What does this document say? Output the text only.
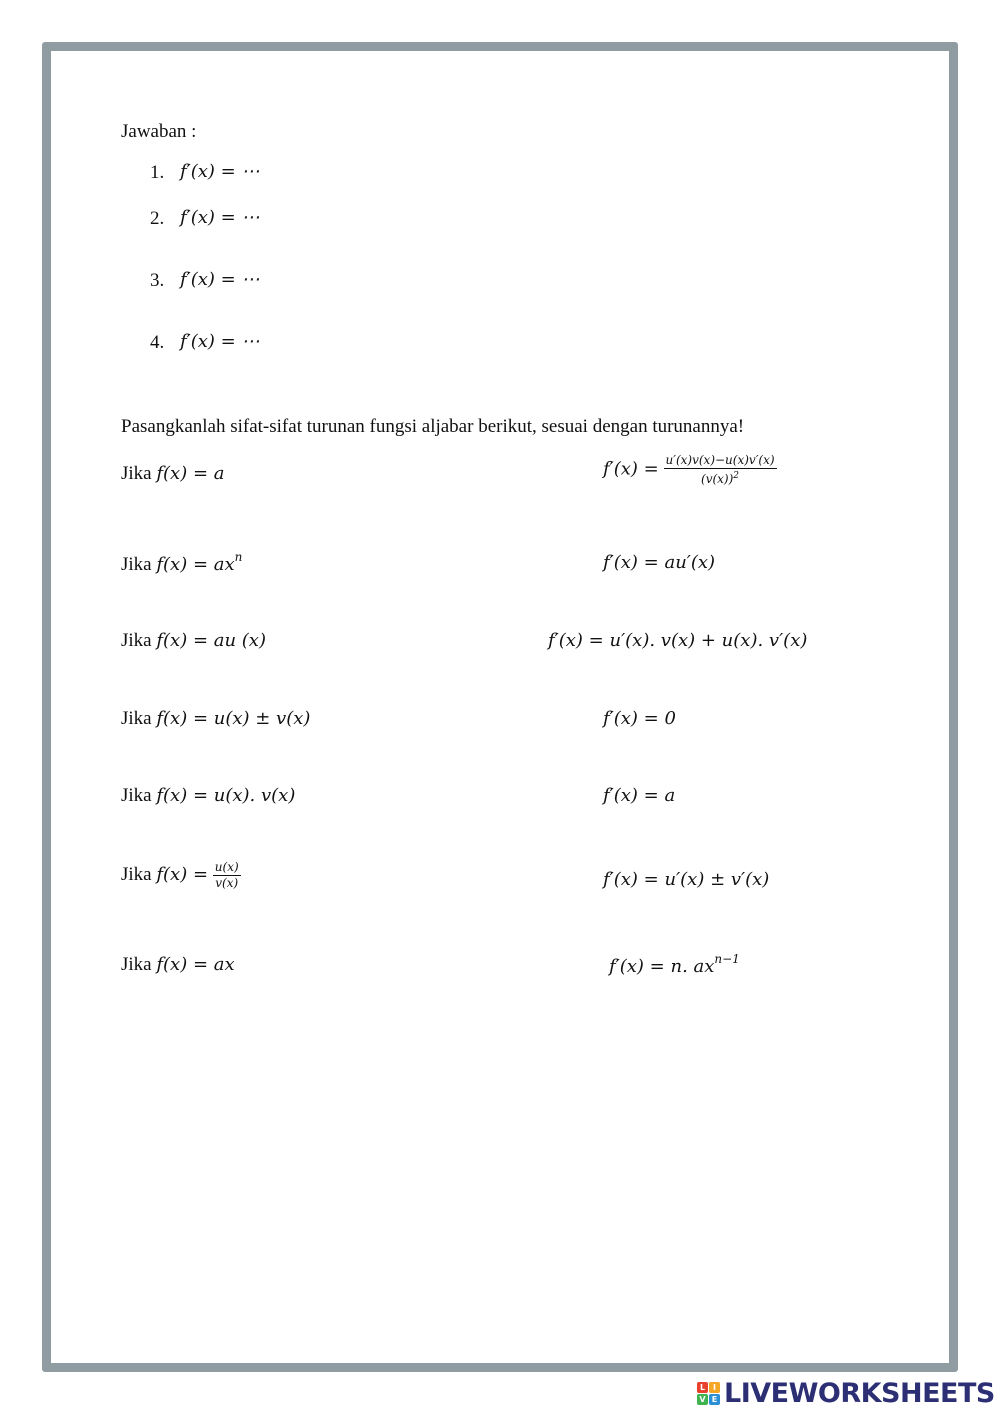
Jawaban :
1. f′(x) = ⋯
2. f′(x) = ⋯
3. f′(x) = ⋯
4. f′(x) = ⋯
Pasangkanlah sifat-sifat turunan fungsi aljabar berikut, sesuai dengan turunannya!
Jika f(x) = a
Jika $f(x) = ax^n$
Jika f(x) = au (x)
Jika f(x) = u(x) ± v(x)
Jika f(x) = u(x). v(x)
Jika $f(x) = \frac{u(x)}{v(x)}$
Jika f(x) = ax
$f'(x) = \frac{u'(x)v(x)-u(x)v'(x)}{(v(x))^2}$
f′(x) = au′(x)
f′(x) = u′(x). v(x) + u(x). v′(x)
f′(x) = 0
f′(x) = a
f′(x) = u′(x) ± v′(x)
f′(x) = n. $ax^{n-1}$
L I
V E LIVEWORKSHEETS
